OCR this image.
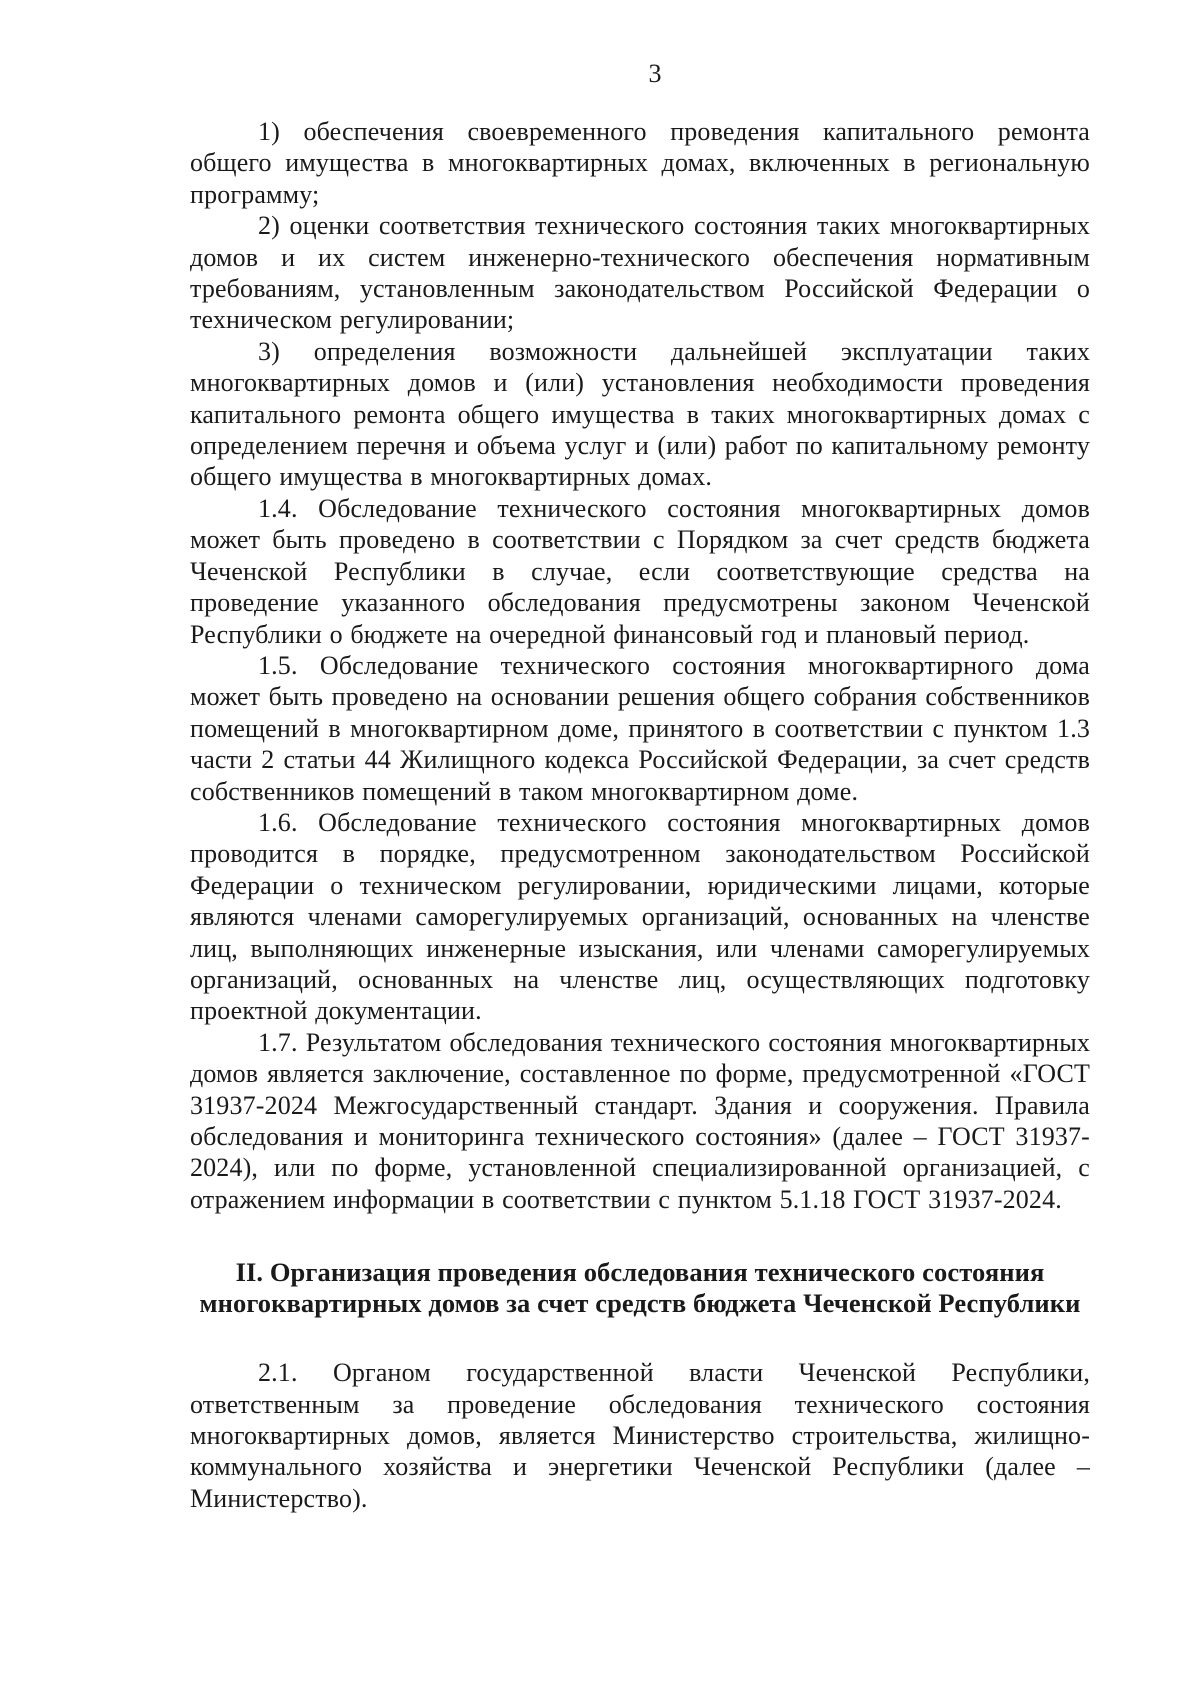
3

1) обеспечения своевременного проведения капитального ремонта общего имущества в многоквартирных домах, включенных в региональную программу;

2) оценки соответствия технического состояния таких многоквартирных домов и их систем инженерно-технического обеспечения нормативным требованиям, установленным законодательством Российской Федерации о техническом регулировании;

3) определения возможности дальнейшей эксплуатации таких многоквартирных домов и (или) установления необходимости проведения капитального ремонта общего имущества в таких многоквартирных домах с определением перечня и объема услуг и (или) работ по капитальному ремонту общего имущества в многоквартирных домах.

1.4. Обследование технического состояния многоквартирных домов может быть проведено в соответствии с Порядком за счет средств бюджета Чеченской Республики в случае, если соответствующие средства на проведение указанного обследования предусмотрены законом Чеченской Республики о бюджете на очередной финансовый год и плановый период.

1.5. Обследование технического состояния многоквартирного дома может быть проведено на основании решения общего собрания собственников помещений в многоквартирном доме, принятого в соответствии с пунктом 1.3 части 2 статьи 44 Жилищного кодекса Российской Федерации, за счет средств собственников помещений в таком многоквартирном доме.

1.6. Обследование технического состояния многоквартирных домов проводится в порядке, предусмотренном законодательством Российской Федерации о техническом регулировании, юридическими лицами, которые являются членами саморегулируемых организаций, основанных на членстве лиц, выполняющих инженерные изыскания, или членами саморегулируемых организаций, основанных на членстве лиц, осуществляющих подготовку проектной документации.

1.7. Результатом обследования технического состояния многоквартирных домов является заключение, составленное по форме, предусмотренной «ГОСТ 31937-2024 Межгосударственный стандарт. Здания и сооружения. Правила обследования и мониторинга технического состояния» (далее – ГОСТ 31937-2024), или по форме, установленной специализированной организацией, с отражением информации в соответствии с пунктом 5.1.18 ГОСТ 31937-2024.

II. Организация проведения обследования технического состояния многоквартирных домов за счет средств бюджета Чеченской Республики

2.1. Органом государственной власти Чеченской Республики, ответственным за проведение обследования технического состояния многоквартирных домов, является Министерство строительства, жилищно-коммунального хозяйства и энергетики Чеченской Республики (далее – Министерство).
